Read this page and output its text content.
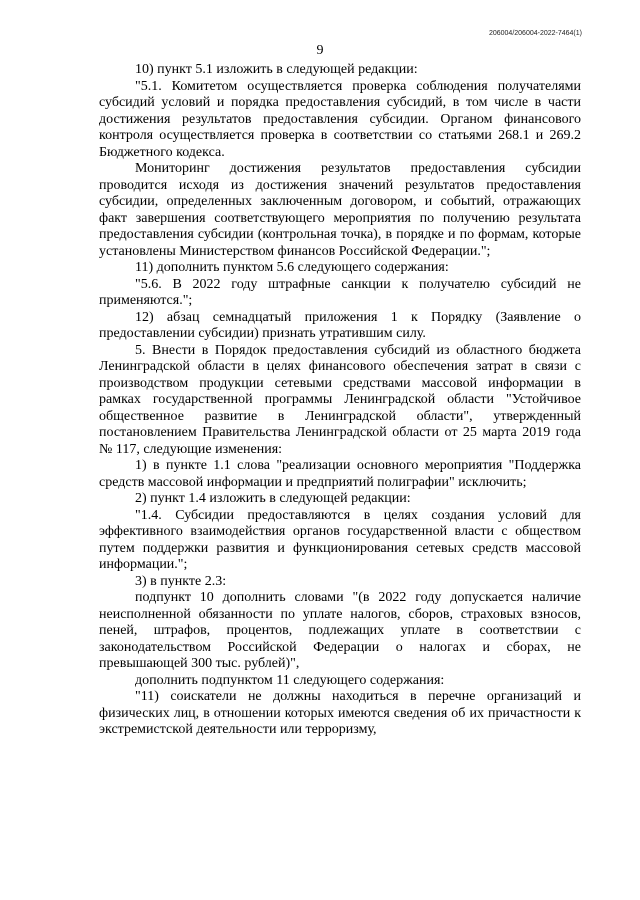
206004/206004-2022-7464(1)
9

10) пункт 5.1 изложить в следующей редакции:

"5.1. Комитетом осуществляется проверка соблюдения получателями субсидий условий и порядка предоставления субсидий, в том числе в части достижения результатов предоставления субсидии. Органом финансового контроля осуществляется проверка в соответствии со статьями 268.1 и 269.2 Бюджетного кодекса.

Мониторинг достижения результатов предоставления субсидии проводится исходя из достижения значений результатов предоставления субсидии, определенных заключенным договором, и событий, отражающих факт завершения соответствующего мероприятия по получению результата предоставления субсидии (контрольная точка), в порядке и по формам, которые установлены Министерством финансов Российской Федерации.";

11) дополнить пунктом 5.6 следующего содержания:

"5.6. В 2022 году штрафные санкции к получателю субсидий не применяются.";

12) абзац семнадцатый приложения 1 к Порядку (Заявление о предоставлении субсидии) признать утратившим силу.

5. Внести в Порядок предоставления субсидий из областного бюджета Ленинградской области в целях финансового обеспечения затрат в связи с производством продукции сетевыми средствами массовой информации в рамках государственной программы Ленинградской области "Устойчивое общественное развитие в Ленинградской области", утвержденный постановлением Правительства Ленинградской области от 25 марта 2019 года № 117, следующие изменения:

1) в пункте 1.1 слова "реализации основного мероприятия "Поддержка средств массовой информации и предприятий полиграфии" исключить;

2) пункт 1.4 изложить в следующей редакции:

"1.4. Субсидии предоставляются в целях создания условий для эффективного взаимодействия органов государственной власти с обществом путем поддержки развития и функционирования сетевых средств массовой информации.";

3) в пункте 2.3:

подпункт 10 дополнить словами "(в 2022 году допускается наличие неисполненной обязанности по уплате налогов, сборов, страховых взносов, пеней, штрафов, процентов, подлежащих уплате в соответствии с законодательством Российской Федерации о налогах и сборах, не превышающей 300 тыс. рублей)",

дополнить подпунктом 11 следующего содержания:

"11) соискатели не должны находиться в перечне организаций и физических лиц, в отношении которых имеются сведения об их причастности к экстремистской деятельности или терроризму,
